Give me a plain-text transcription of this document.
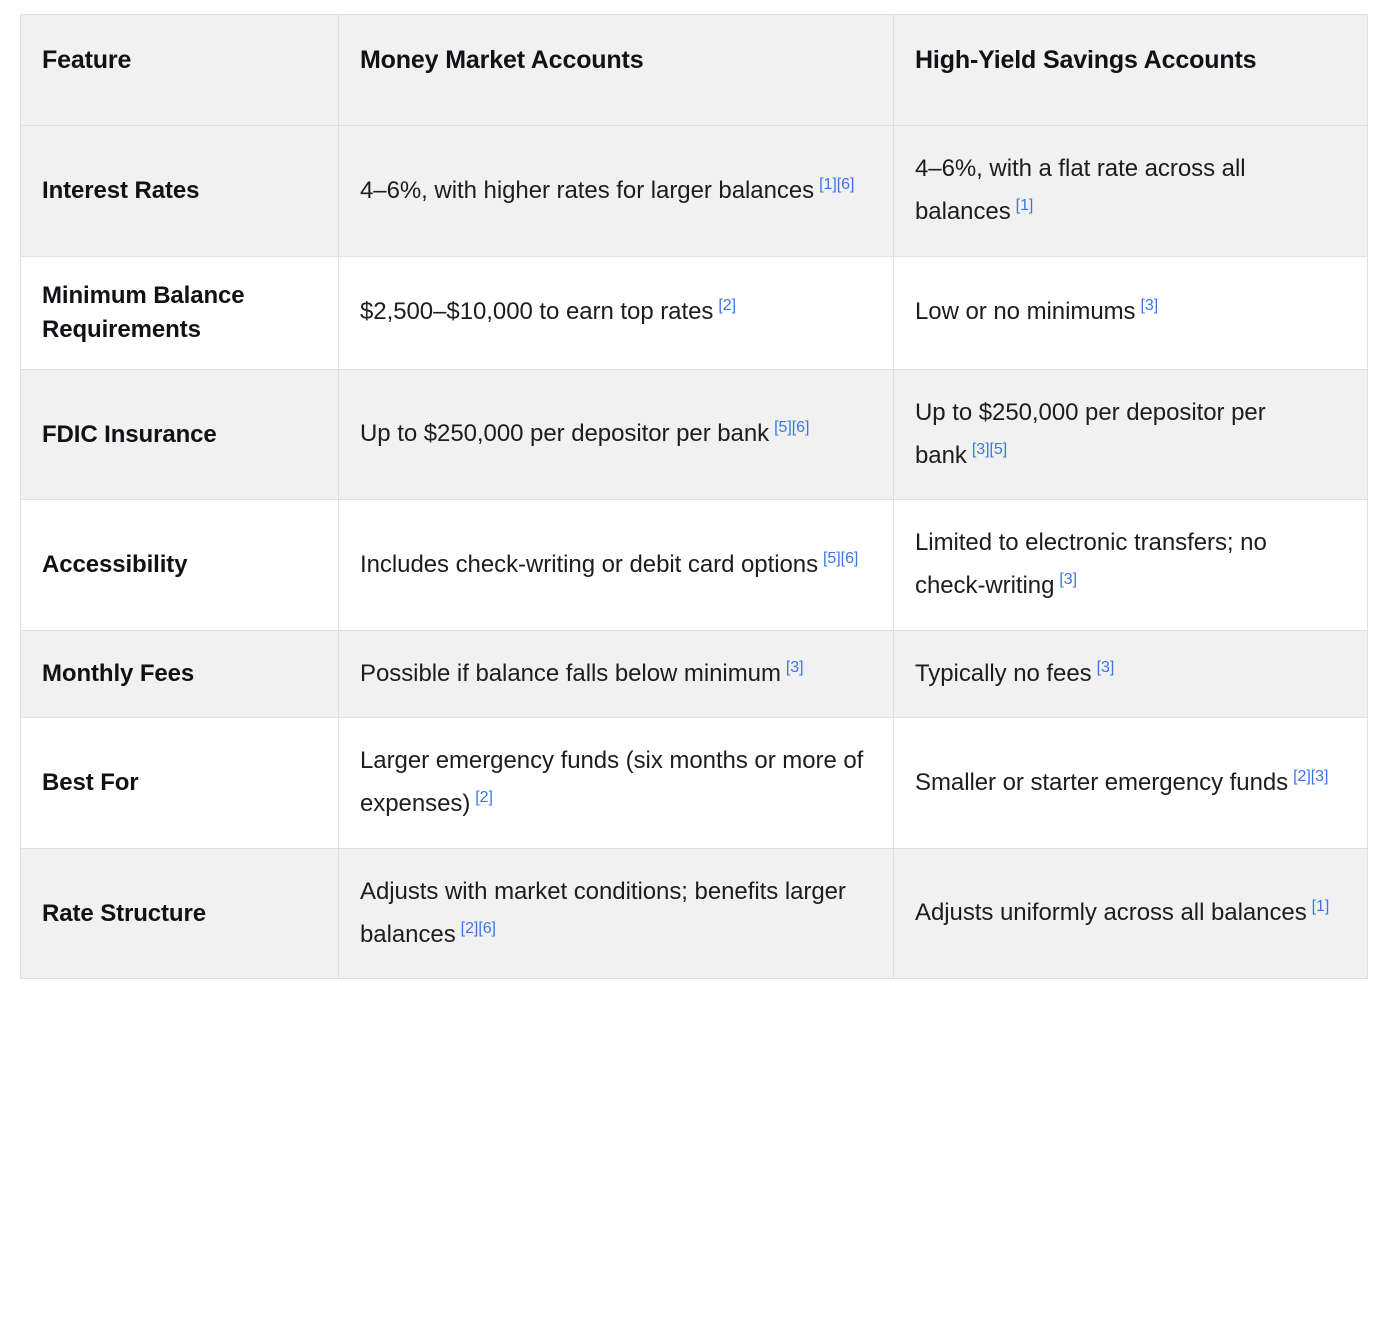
Feature	Money Market Accounts	High-Yield Savings Accounts
Interest Rates	4–6%, with higher rates for larger balances [1][6]	4–6%, with a flat rate across all balances [1]
Minimum Balance Requirements	$2,500–$10,000 to earn top rates [2]	Low or no minimums [3]
FDIC Insurance	Up to $250,000 per depositor per bank [5][6]	Up to $250,000 per depositor per bank [3][5]
Accessibility	Includes check-writing or debit card options [5][6]	Limited to electronic transfers; no check-writing [3]
Monthly Fees	Possible if balance falls below minimum [3]	Typically no fees [3]
Best For	Larger emergency funds (six months or more of expenses) [2]	Smaller or starter emergency funds [2][3]
Rate Structure	Adjusts with market conditions; benefits larger balances [2][6]	Adjusts uniformly across all balances [1]
